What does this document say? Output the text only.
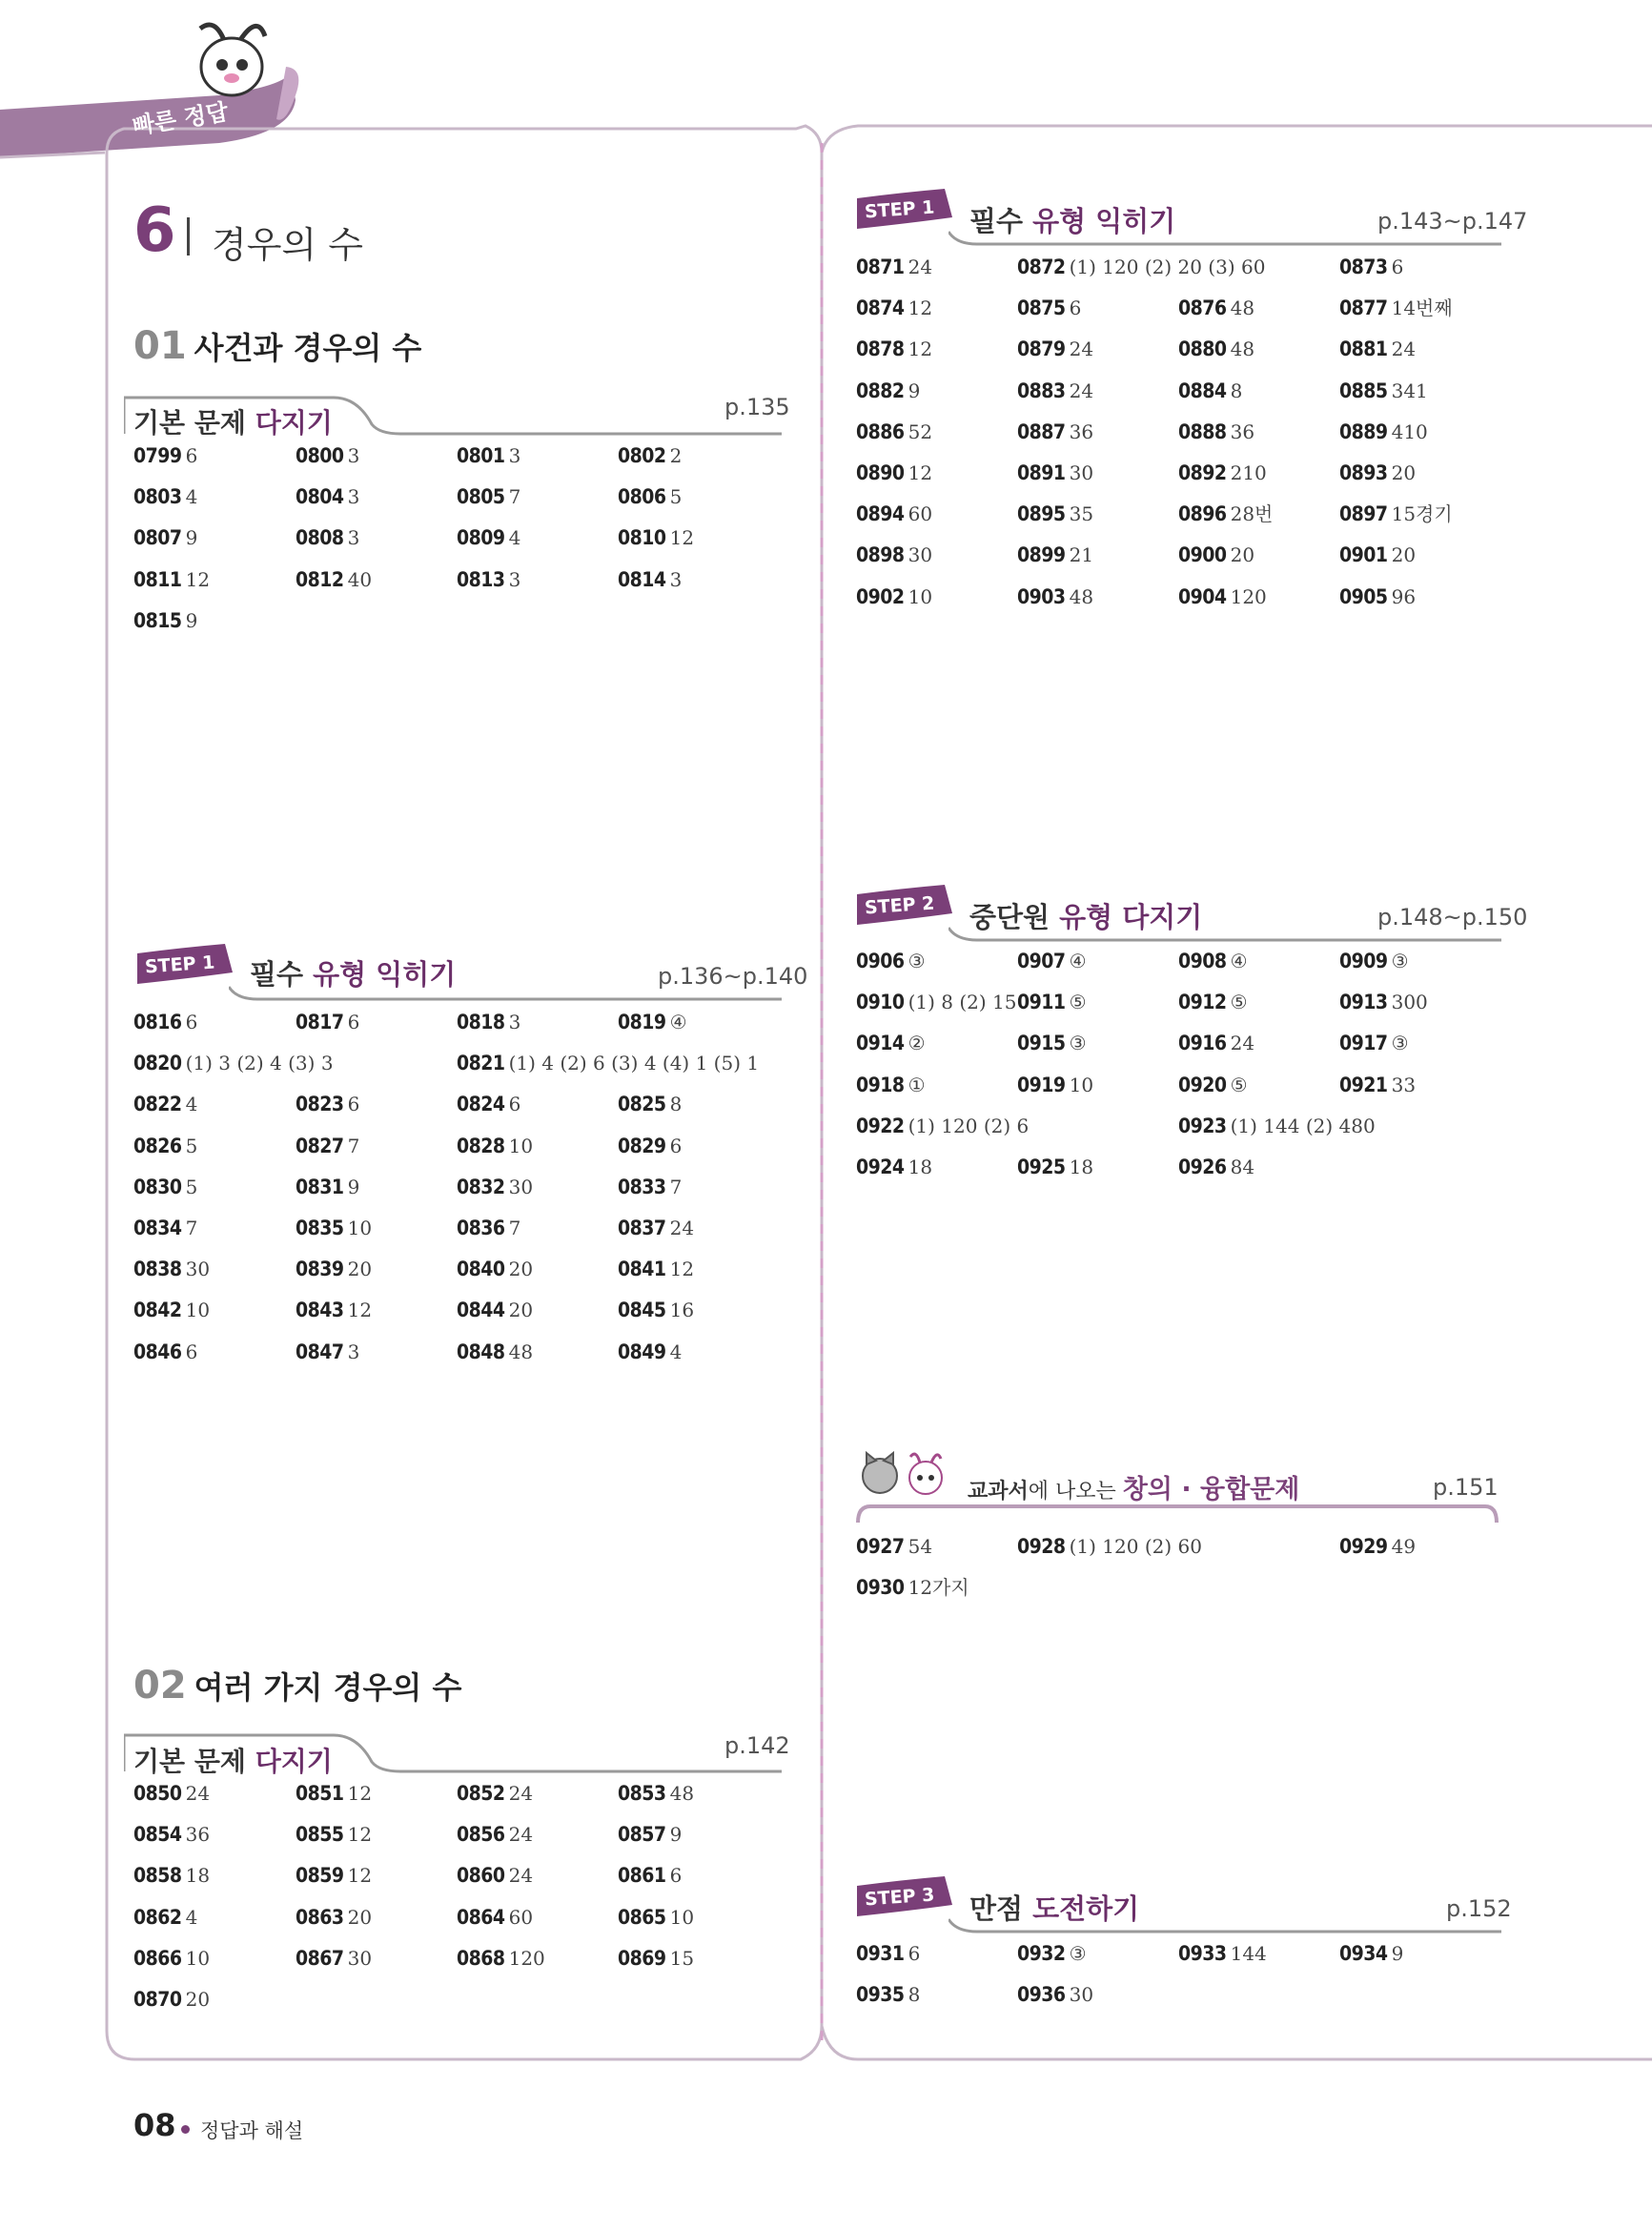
빠른 정답
6 경우의 수
01 사건과 경우의 수
기본 문제 다지기	p.135
STEP 1 필수 유형 익히기	p.136~p.140
02 여러 가지 경우의 수
기본 문제 다지기	p.142
STEP 1 필수 유형 익히기	p.143~p.147
STEP 2 중단원 유형 다지기	p.148~p.150
교과서에 나오는 창의 · 융합문제	p.151
STEP 3 만점 도전하기	p.152
08 정답과 해설
0799 6	0800 3	0801 3	0802 2
0803 4	0804 3	0805 7	0806 5
0807 9	0808 3	0809 4	0810 12
0811 12	0812 40	0813 3	0814 3
0815 9
0816 6	0817 6	0818 3	0819 ④
0820 (1) 3 (2) 4 (3) 3	0821 (1) 4 (2) 6 (3) 4 (4) 1 (5) 1
0822 4	0823 6	0824 6	0825 8
0826 5	0827 7	0828 10	0829 6
0830 5	0831 9	0832 30	0833 7
0834 7	0835 10	0836 7	0837 24
0838 30	0839 20	0840 20	0841 12
0842 10	0843 12	0844 20	0845 16
0846 6	0847 3	0848 48	0849 4
0850 24	0851 12	0852 24	0853 48
0854 36	0855 12	0856 24	0857 9
0858 18	0859 12	0860 24	0861 6
0862 4	0863 20	0864 60	0865 10
0866 10	0867 30	0868 120	0869 15
0870 20
0871 24	0872 (1) 120 (2) 20 (3) 60	0873 6
0874 12	0875 6	0876 48	0877 14번째
0878 12	0879 24	0880 48	0881 24
0882 9	0883 24	0884 8	0885 341
0886 52	0887 36	0888 36	0889 410
0890 12	0891 30	0892 210	0893 20
0894 60	0895 35	0896 28번	0897 15경기
0898 30	0899 21	0900 20	0901 20
0902 10	0903 48	0904 120	0905 96
0906 ③	0907 ④	0908 ④	0909 ③
0910 (1) 8 (2) 15 0911 ⑤	0912 ⑤	0913 300
0914 ②	0915 ③	0916 24	0917 ③
0918 ①	0919 10	0920 ⑤	0921 33
0922 (1) 120 (2) 6	0923 (1) 144 (2) 480
0924 18	0925 18	0926 84
0927 54	0928 (1) 120 (2) 60	0929 49
0930 12가지
0931 6	0932 ③	0933 144	0934 9
0935 8	0936 30
